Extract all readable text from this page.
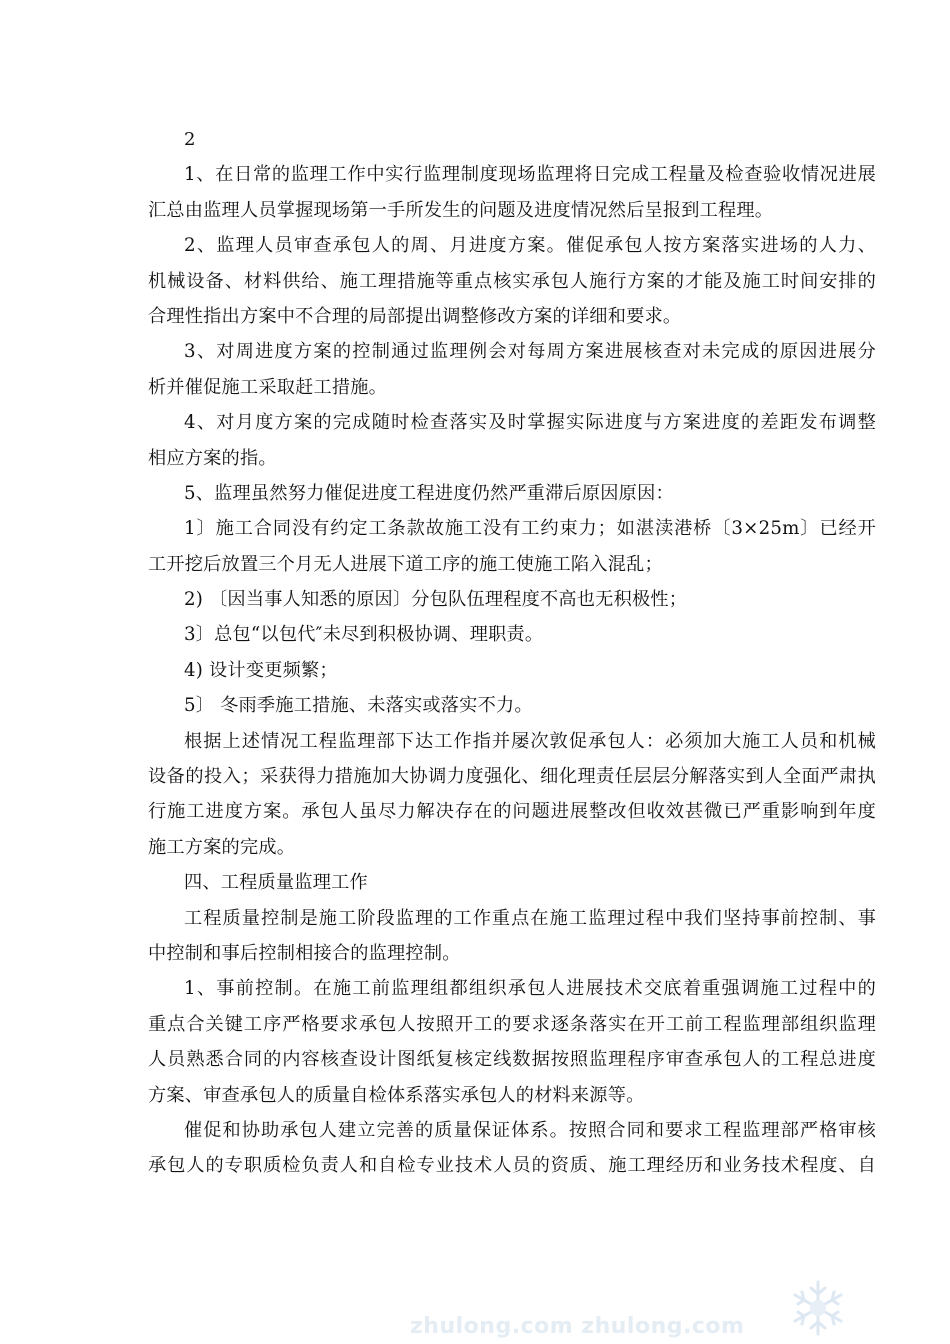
2
1、在日常的监理工作中实行监理制度现场监理将日完成工程量及检查验收情况进展
汇总由监理人员掌握现场第一手所发生的问题及进度情况然后呈报到工程理。
2、监理人员审查承包人的周、月进度方案。催促承包人按方案落实进场的人力、
机械设备、材料供给、施工理措施等重点核实承包人施行方案的才能及施工时间安排的
合理性指出方案中不合理的局部提出调整修改方案的详细和要求。
3、对周进度方案的控制通过监理例会对每周方案进展核查对未完成的原因进展分
析并催促施工采取赶工措施。
4、对月度方案的完成随时检查落实及时掌握实际进度与方案进度的差距发布调整
相应方案的指。
5、监理虽然努力催促进度工程进度仍然严重滞后原因原因：
1〕施工合同没有约定工条款故施工没有工约束力；如湛渎港桥〔3×25m〕已经开
工开挖后放置三个月无人进展下道工序的施工使施工陷入混乱；
2) 〔因当事人知悉的原因〕分包队伍理程度不高也无积极性；
3〕总包“以包代″未尽到积极协调、理职责。
4) 设计变更频繁；
5〕 冬雨季施工措施、未落实或落实不力。
根据上述情况工程监理部下达工作指并屡次敦促承包人：必须加大施工人员和机械
设备的投入；采获得力措施加大协调力度强化、细化理责任层层分解落实到人全面严肃执
行施工进度方案。承包人虽尽力解决存在的问题进展整改但收效甚微已严重影响到年度
施工方案的完成。
四、工程质量监理工作
工程质量控制是施工阶段监理的工作重点在施工监理过程中我们坚持事前控制、事
中控制和事后控制相接合的监理控制。
1、事前控制。在施工前监理组都组织承包人进展技术交底着重强调施工过程中的
重点合关键工序严格要求承包人按照开工的要求逐条落实在开工前工程监理部组织监理
人员熟悉合同的内容核查设计图纸复核定线数据按照监理程序审查承包人的工程总进度
方案、审查承包人的质量自检体系落实承包人的材料来源等。
催促和协助承包人建立完善的质量保证体系。按照合同和要求工程监理部严格审核
承包人的专职质检负责人和自检专业技术人员的资质、施工理经历和业务技术程度、自
zhulong.com zhulong.com
